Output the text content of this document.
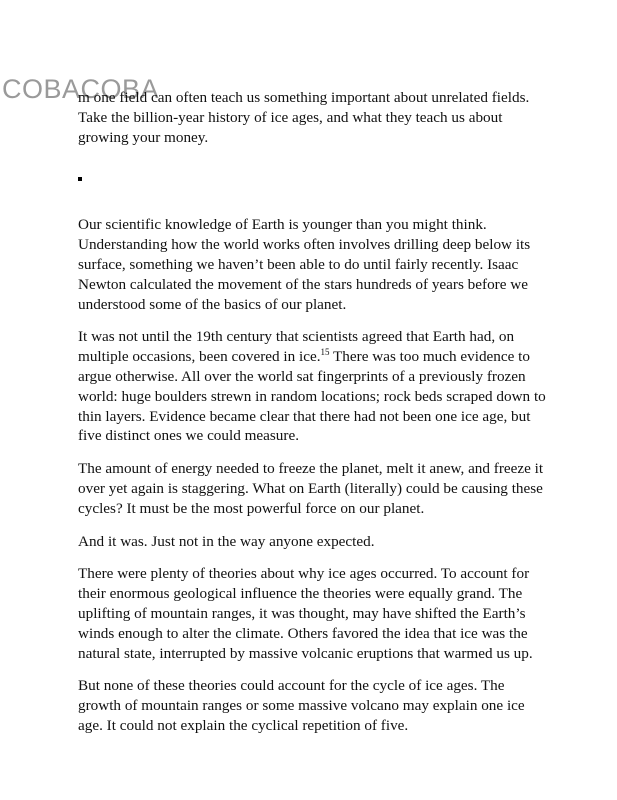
COBACOBA

m one field can often teach us something important about unrelated fields. Take the billion-year history of ice ages, and what they teach us about growing your money.

Our scientific knowledge of Earth is younger than you might think. Understanding how the world works often involves drilling deep below its surface, something we haven’t been able to do until fairly recently. Isaac Newton calculated the movement of the stars hundreds of years before we understood some of the basics of our planet.

It was not until the 19th century that scientists agreed that Earth had, on multiple occasions, been covered in ice.$^{15}$ There was too much evidence to argue otherwise. All over the world sat fingerprints of a previously frozen world: huge boulders strewn in random locations; rock beds scraped down to thin layers. Evidence became clear that there had not been one ice age, but five distinct ones we could measure.

The amount of energy needed to freeze the planet, melt it anew, and freeze it over yet again is staggering. What on Earth (literally) could be causing these cycles? It must be the most powerful force on our planet.

And it was. Just not in the way anyone expected.

There were plenty of theories about why ice ages occurred. To account for their enormous geological influence the theories were equally grand. The uplifting of mountain ranges, it was thought, may have shifted the Earth’s winds enough to alter the climate. Others favored the idea that ice was the natural state, interrupted by massive volcanic eruptions that warmed us up.

But none of these theories could account for the cycle of ice ages. The growth of mountain ranges or some massive volcano may explain one ice age. It could not explain the cyclical repetition of five.
